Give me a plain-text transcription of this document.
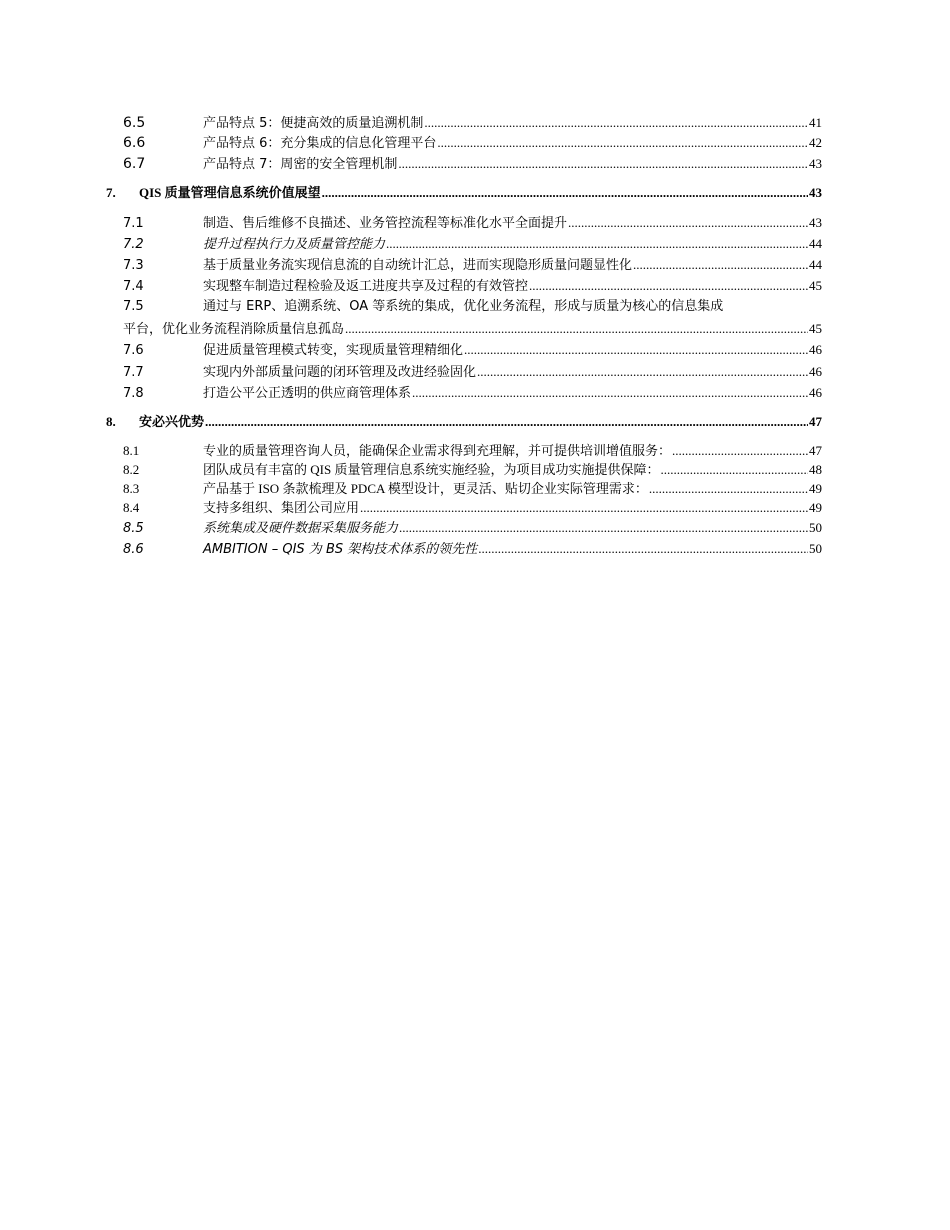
6.5	产品特点 5：便捷高效的质量追溯机制 .....	41
6.6	产品特点 6：充分集成的信息化管理平台 .....	42
6.7	产品特点 7：周密的安全管理机制 .....	43
7.	QIS 质量管理信息系统价值展望 .....	43
7.1	制造、售后维修不良描述、业务管控流程等标准化水平全面提升 .....	43
7.2	提升过程执行力及质量管控能力 .....	44
7.3	基于质量业务流实现信息流的自动统计汇总，进而实现隐形质量问题显性化 .....	44
7.4	实现整车制造过程检验及返工进度共享及过程的有效管控 .....	45
7.5	通过与 ERP、追溯系统、OA 等系统的集成，优化业务流程，形成与质量为核心的信息集成
平台，优化业务流程消除质量信息孤岛 .....	45
7.6	促进质量管理模式转变，实现质量管理精细化 .....	46
7.7	实现内外部质量问题的闭环管理及改进经验固化 .....	46
7.8	打造公平公正透明的供应商管理体系 .....	46
8.	安必兴优势 .....	47
8.1	专业的质量管理咨询人员，能确保企业需求得到充理解，并可提供培训增值服务： .....	47
8.2	团队成员有丰富的 QIS 质量管理信息系统实施经验，为项目成功实施提供保障： .....	48
8.3	产品基于 ISO 条款梳理及 PDCA 模型设计，更灵活、贴切企业实际管理需求： .....	49
8.4	支持多组织、集团公司应用 .....	49
8.5	系统集成及硬件数据采集服务能力 .....	50
8.6	AMBITION – QIS 为 BS 架构技术体系的领先性 .....	50
